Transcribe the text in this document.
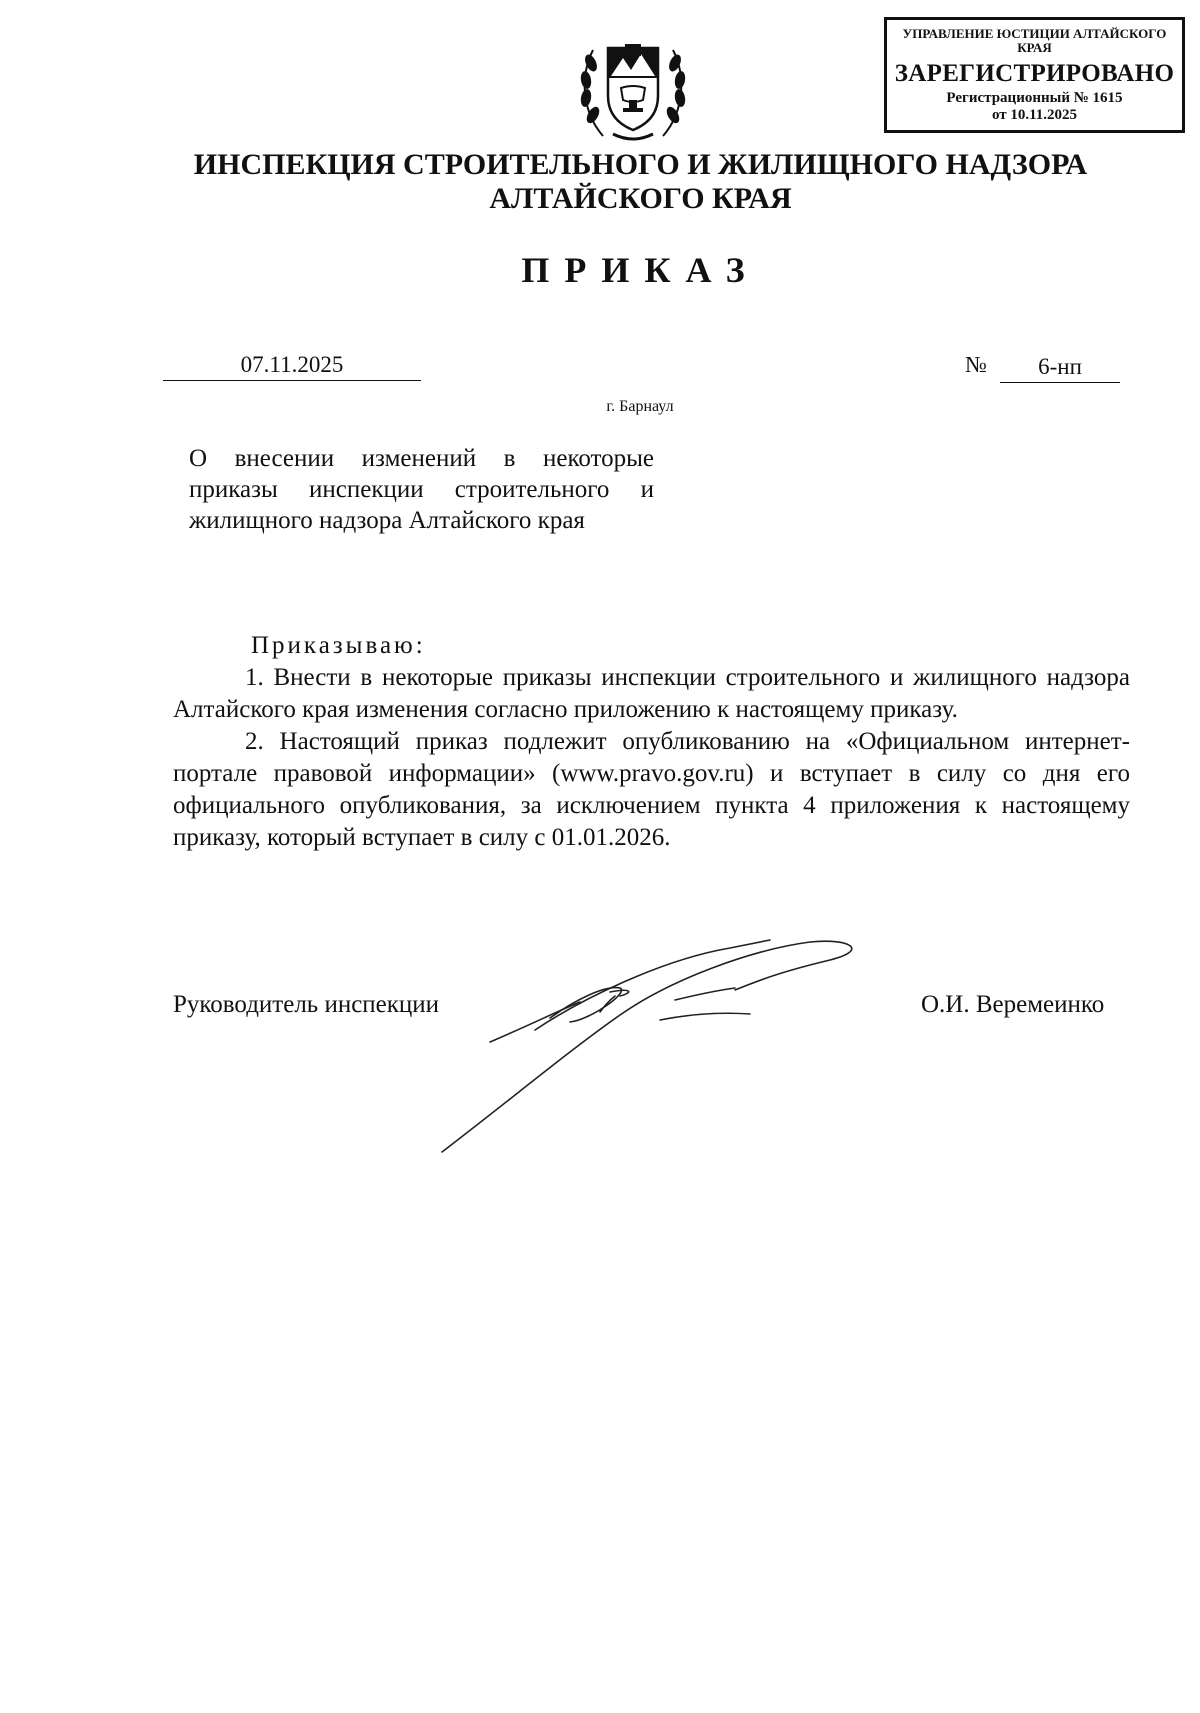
УПРАВЛЕНИЕ ЮСТИЦИИ АЛТАЙСКОГО КРАЯ
ЗАРЕГИСТРИРОВАНО
Регистрационный № 1615
от 10.11.2025
ИНСПЕКЦИЯ СТРОИТЕЛЬНОГО И ЖИЛИЩНОГО НАДЗОРА
АЛТАЙСКОГО КРАЯ
ПРИКАЗ
07.11.2025	№	6-нп
г. Барнаул
О внесении изменений в некоторые приказы инспекции строительного и жилищного надзора Алтайского края
Приказываю:

1. Внести в некоторые приказы инспекции строительного и жилищного надзора Алтайского края изменения согласно приложению к настоящему приказу.

2. Настоящий приказ подлежит опубликованию на «Официальном интернет-портале правовой информации» (www.pravo.gov.ru) и вступает в силу со дня его официального опубликования, за исключением пункта 4 приложения к настоящему приказу, который вступает в силу с 01.01.2026.

Руководитель инспекции	О.И. Веремеинко
